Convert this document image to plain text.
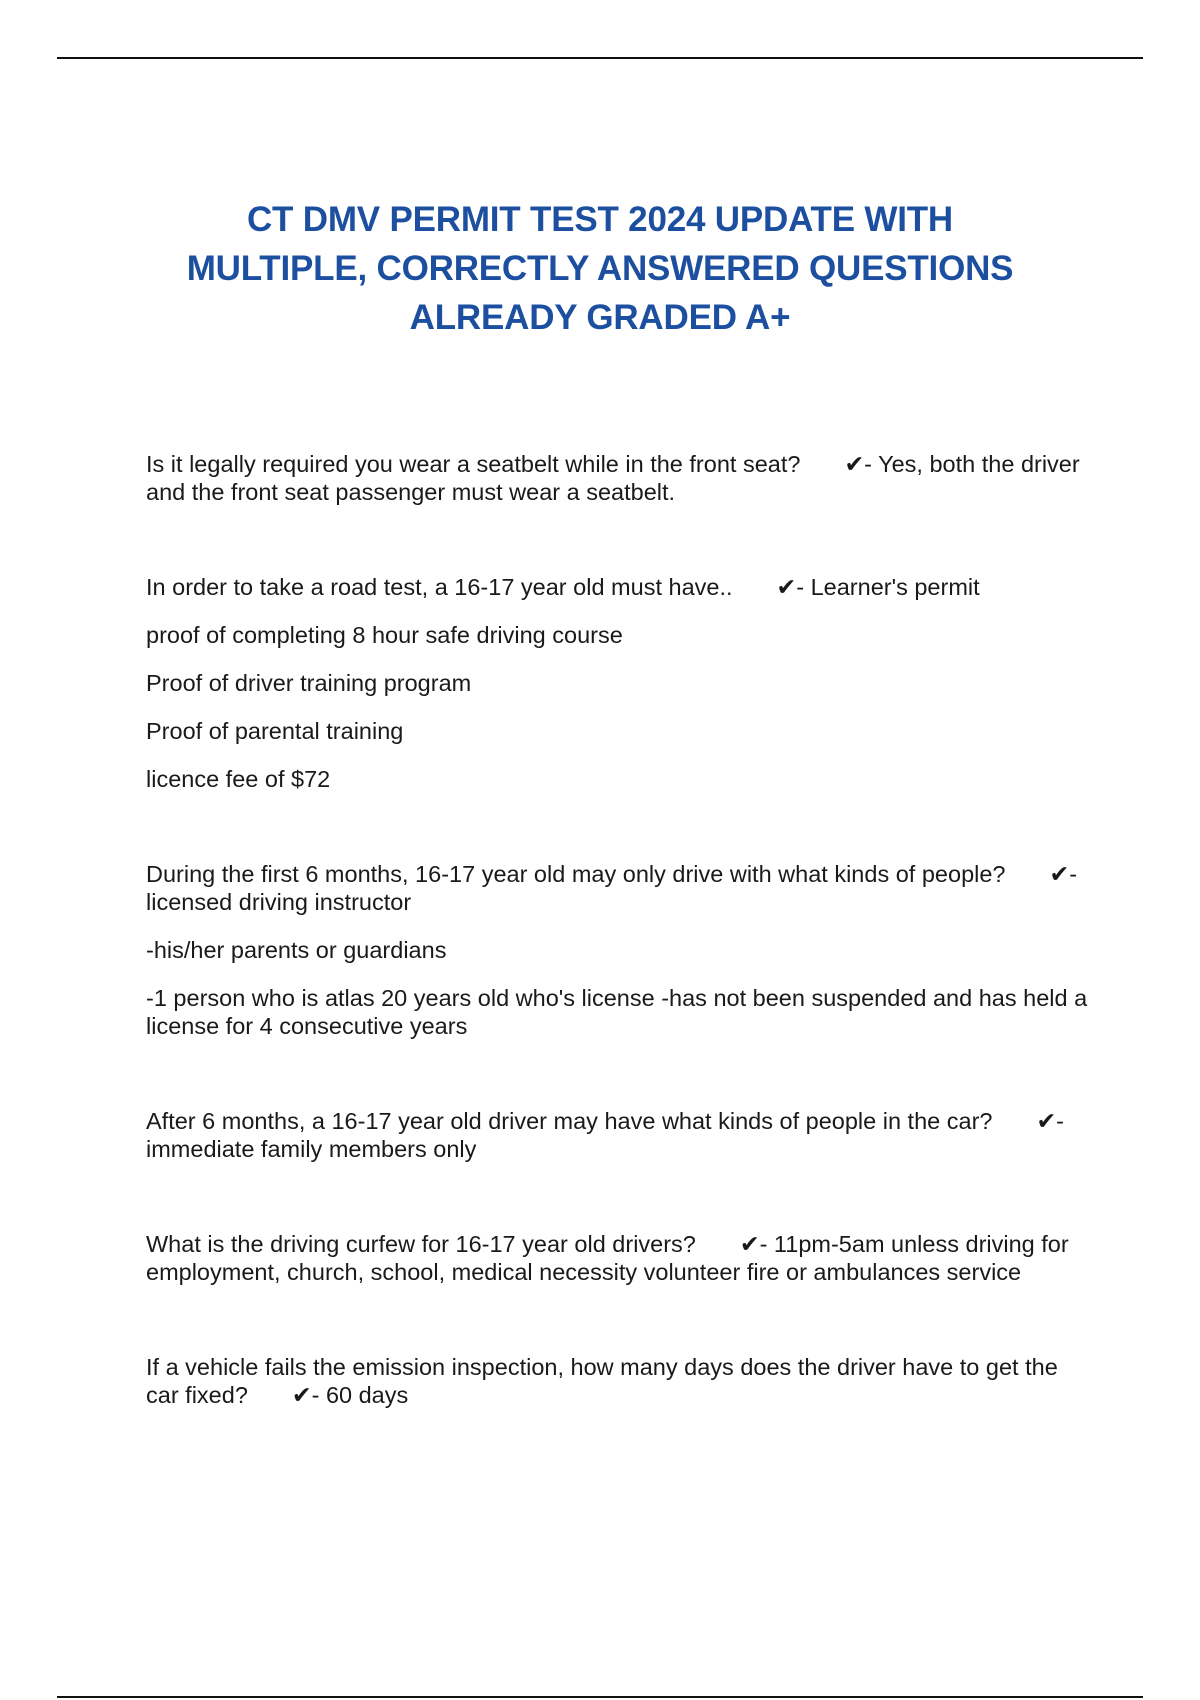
CT DMV PERMIT TEST 2024 UPDATE WITH
MULTIPLE, CORRECTLY ANSWERED QUESTIONS
ALREADY GRADED A+

Is it legally required you wear a seatbelt while in the front seat? ✔- Yes, both the driver and the front seat passenger must wear a seatbelt.

In order to take a road test, a 16-17 year old must have.. ✔- Learner's permit

proof of completing 8 hour safe driving course
Proof of driver training program
Proof of parental training
licence fee of $72

During the first 6 months, 16-17 year old may only drive with what kinds of people? ✔- licensed driving instructor

-his/her parents or guardians
-1 person who is atlas 20 years old who's license -has not been suspended and has held a license for 4 consecutive years

After 6 months, a 16-17 year old driver may have what kinds of people in the car? ✔- immediate family members only

What is the driving curfew for 16-17 year old drivers? ✔- 11pm-5am unless driving for employment, church, school, medical necessity volunteer fire or ambulances service

If a vehicle fails the emission inspection, how many days does the driver have to get the car fixed? ✔- 60 days
